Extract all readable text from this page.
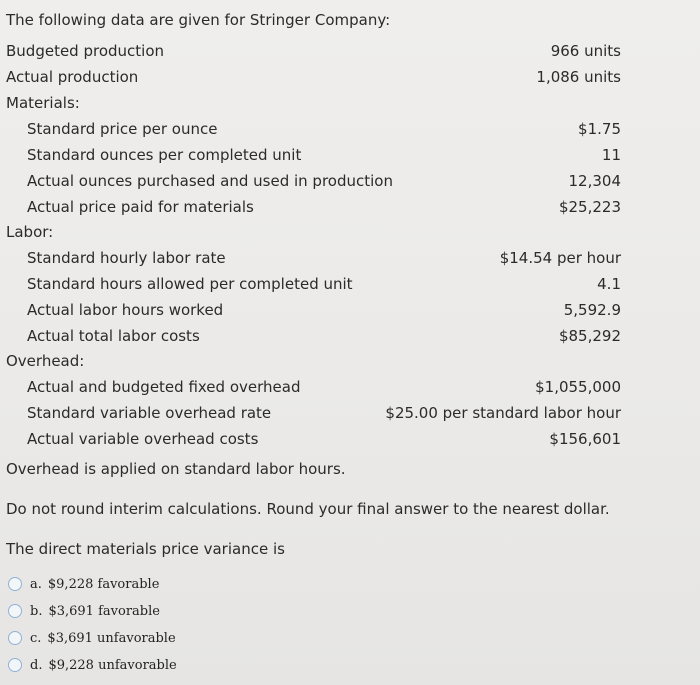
The following data are given for Stringer Company:
Budgeted production	966 units
Actual production	1,086 units
Materials:
Standard price per ounce	$1.75
Standard ounces per completed unit	11
Actual ounces purchased and used in production	12,304
Actual price paid for materials	$25,223
Labor:
Standard hourly labor rate	$14.54 per hour
Standard hours allowed per completed unit	4.1
Actual labor hours worked	5,592.9
Actual total labor costs	$85,292
Overhead:
Actual and budgeted fixed overhead	$1,055,000
Standard variable overhead rate	$25.00 per standard labor hour
Actual variable overhead costs	$156,601
Overhead is applied on standard labor hours.
Do not round interim calculations. Round your final answer to the nearest dollar.
The direct materials price variance is
a. $9,228 favorable
b. $3,691 favorable
c. $3,691 unfavorable
d. $9,228 unfavorable
